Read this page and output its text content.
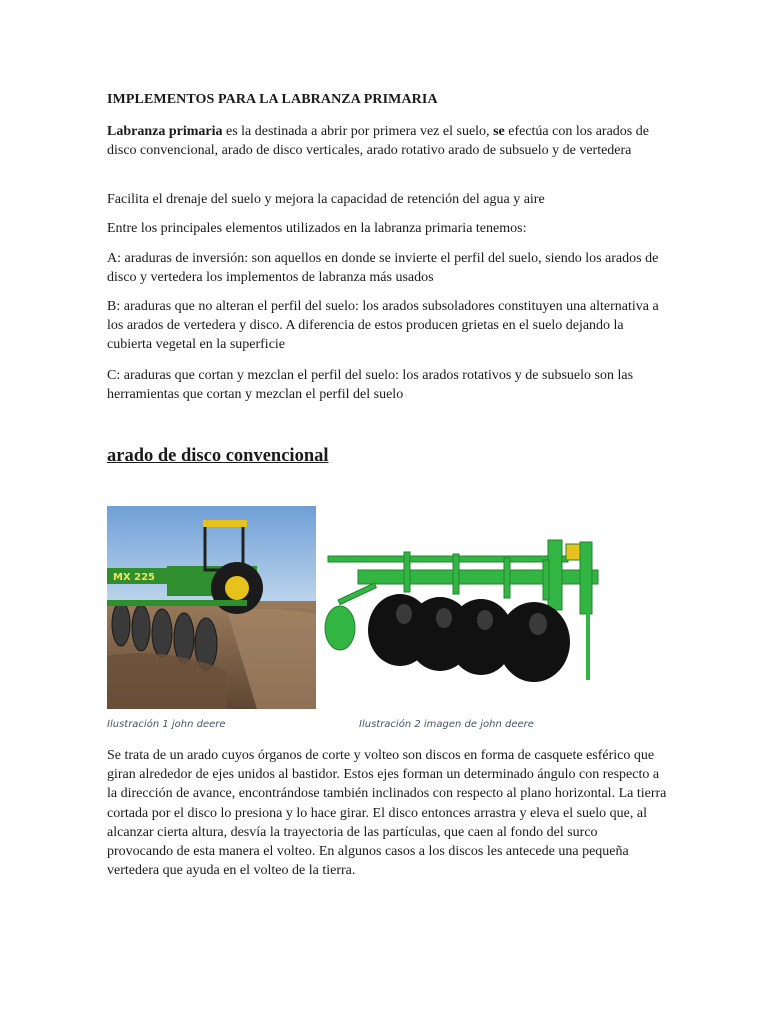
IMPLEMENTOS PARA LA LABRANZA PRIMARIA

Labranza primaria es la destinada a abrir por primera vez el suelo, se efectúa con los arados de disco convencional, arado de disco verticales, arado rotativo arado de subsuelo y de vertedera

Facilita el drenaje del suelo y mejora la capacidad de retención del agua y aire

Entre los principales elementos utilizados en la labranza primaria tenemos:

A: araduras de inversión: son aquellos en donde se invierte el perfil del suelo, siendo los arados de disco y vertedera los implementos de labranza más usados

B: araduras que no alteran el perfil del suelo: los arados subsoladores constituyen una alternativa a los arados de vertedera y disco. A diferencia de estos producen grietas en el suelo dejando la cubierta vegetal en la superficie

C: araduras que cortan y mezclan el perfil del suelo: los arados rotativos y de subsuelo son las herramientas que cortan y mezclan el perfil del suelo

arado de disco convencional
MX 225
Ilustración 1 john deere	Ilustración 2 imagen de john deere

Se trata de un arado cuyos órganos de corte y volteo son discos en forma de casquete esférico que giran alrededor de ejes unidos al bastidor. Estos ejes forman un determinado ángulo con respecto a la dirección de avance, encontrándose también inclinados con respecto al plano horizontal. La tierra cortada por el disco lo presiona y lo hace girar. El disco entonces arrastra y eleva el suelo que, al alcanzar cierta altura, desvía la trayectoria de las partículas, que caen al fondo del surco provocando de esta manera el volteo. En algunos casos a los discos les antecede una pequeña vertedera que ayuda en el volteo de la tierra.
